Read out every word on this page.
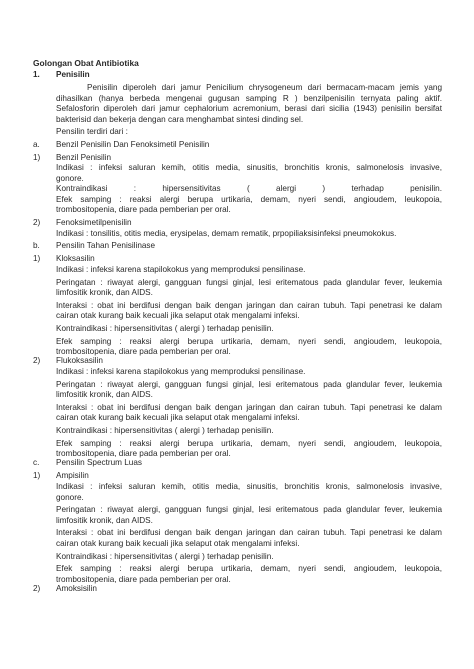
Golongan Obat Antibiotika
1. Penisilin

Penisilin diperoleh dari jamur Penicilium chrysogeneum dari bermacam-macam jemis yang

dihasilkan (hanya berbeda mengenai gugusan samping R ) benzilpenisilin ternyata paling aktif.

Sefalosforin diperoleh dari jamur cephalorium acremonium, berasi dari sicilia (1943) penisilin bersifat

bakterisid dan bekerja dengan cara menghambat sintesi dinding sel.

Pensilin terdiri dari :

a. Benzil Penisilin Dan Fenoksimetil Penisilin
1) Benzil Penisilin

Indikasi : infeksi saluran kemih, otitis media, sinusitis, bronchitis kronis, salmonelosis invasive,

gonore.

Kontraindikasi : hipersensitivitas ( alergi ) terhadap penisilin.

Efek samping : reaksi alergi berupa urtikaria, demam, nyeri sendi, angioudem, leukopoia,

trombositopenia, diare pada pemberian per oral.

2) Fenoksimetilpenisilin

Indikasi : tonsilitis, otitis media, erysipelas, demam rematik, prpopiliaksisinfeksi pneumokokus.

b. Pensilin Tahan Penisilinase
1) Kloksasilin

Indikasi : infeksi karena stapilokokus yang memproduksi pensilinase.

Peringatan : riwayat alergi, gangguan fungsi ginjal, lesi eritematous pada glandular fever, leukemia

limfositik kronik, dan AIDS.

Interaksi : obat ini berdifusi dengan baik dengan jaringan dan cairan tubuh. Tapi penetrasi ke dalam

cairan otak kurang baik kecuali jika selaput otak mengalami infeksi.

Kontraindikasi : hipersensitivitas ( alergi ) terhadap penisilin.

Efek samping : reaksi alergi berupa urtikaria, demam, nyeri sendi, angioudem, leukopoia,

trombositopenia, diare pada pemberian per oral.

2) Flukoksasilin

Indikasi : infeksi karena stapilokokus yang memproduksi pensilinase.

Peringatan : riwayat alergi, gangguan fungsi ginjal, lesi eritematous pada glandular fever, leukemia

limfositik kronik, dan AIDS.

Interaksi : obat ini berdifusi dengan baik dengan jaringan dan cairan tubuh. Tapi penetrasi ke dalam

cairan otak kurang baik kecuali jika selaput otak mengalami infeksi.

Kontraindikasi : hipersensitivitas ( alergi ) terhadap penisilin.

Efek samping : reaksi alergi berupa urtikaria, demam, nyeri sendi, angioudem, leukopoia,

trombositopenia, diare pada pemberian per oral.

c. Pensilin Spectrum Luas
1) Ampisilin

Indikasi : infeksi saluran kemih, otitis media, sinusitis, bronchitis kronis, salmonelosis invasive,

gonore.

Peringatan : riwayat alergi, gangguan fungsi ginjal, lesi eritematous pada glandular fever, leukemia

limfositik kronik, dan AIDS.

Interaksi : obat ini berdifusi dengan baik dengan jaringan dan cairan tubuh. Tapi penetrasi ke dalam

cairan otak kurang baik kecuali jika selaput otak mengalami infeksi.

Kontraindikasi : hipersensitivitas ( alergi ) terhadap penisilin.

Efek samping : reaksi alergi berupa urtikaria, demam, nyeri sendi, angioudem, leukopoia,

trombositopenia, diare pada pemberian per oral.

2) Amoksisilin
